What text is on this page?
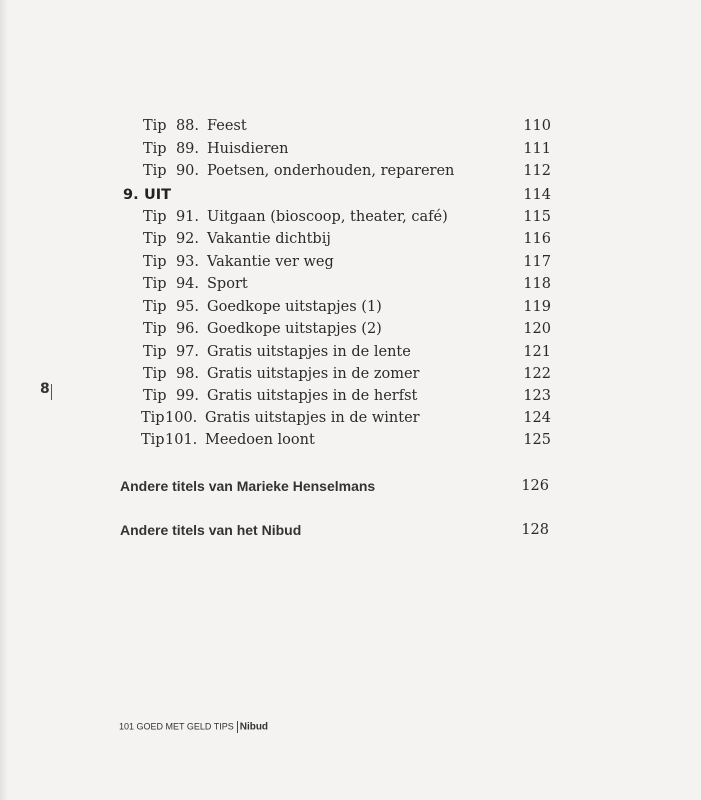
Tip 88. Feest	110
Tip 89. Huisdieren	111
Tip 90. Poetsen, onderhouden, repareren	112
9. UIT	114
Tip 91. Uitgaan (bioscoop, theater, café)	115
Tip 92. Vakantie dichtbij	116
Tip 93. Vakantie ver weg	117
Tip 94. Sport	118
Tip 95. Goedkope uitstapjes (1)	119
Tip 96. Goedkope uitstapjes (2)	120
Tip 97. Gratis uitstapjes in de lente	121
Tip 98. Gratis uitstapjes in de zomer	122
Tip 99. Gratis uitstapjes in de herfst	123
Tip 100. Gratis uitstapjes in de winter	124
Tip 101. Meedoen loont	125
Andere titels van Marieke Henselmans	126
Andere titels van het Nibud	128
8
101 GOED MET GELD TIPS Nibud
